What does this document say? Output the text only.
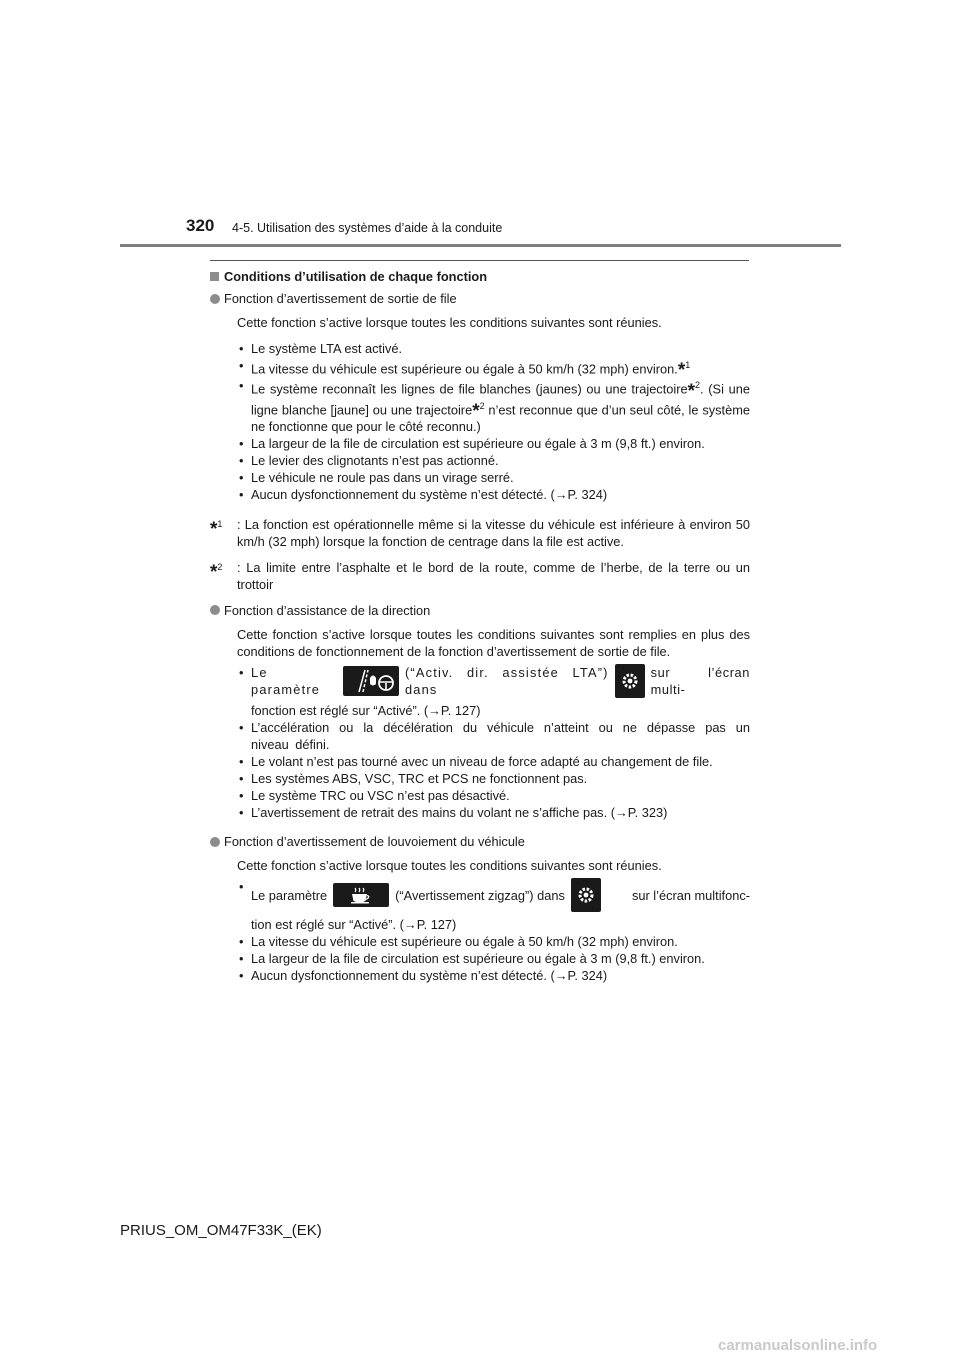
320 4-5. Utilisation des systèmes d’aide à la conduite
Conditions d’utilisation de chaque fonction
Fonction d’avertissement de sortie de file
Cette fonction s’active lorsque toutes les conditions suivantes sont réunies.
• Le système LTA est activé.
• La vitesse du véhicule est supérieure ou égale à 50 km/h (32 mph) environ.*$^1$
• Le système reconnaît les lignes de file blanches (jaunes) ou une trajectoire*$^2$. (Si une ligne blanche [jaune] ou une trajectoire*$^2$ n’est reconnue que d’un seul côté, le système ne fonctionne que pour le côté reconnu.)
• La largeur de la file de circulation est supérieure ou égale à 3 m (9,8 ft.) environ.
• Le levier des clignotants n’est pas actionné.
• Le véhicule ne roule pas dans un virage serré.
• Aucun dysfonctionnement du système n’est détecté. (→P. 324)
*$^1$	: La fonction est opérationnelle même si la vitesse du véhicule est inférieure à environ 50 km/h (32 mph) lorsque la fonction de centrage dans la file est active.
*$^2$	: La limite entre l’asphalte et le bord de la route, comme de l’herbe, de la terre ou un trottoir
Fonction d’assistance de la direction
Cette fonction s’active lorsque toutes les conditions suivantes sont remplies en plus des conditions de fonctionnement de la fonction d’avertissement de sortie de file.
• Le paramètre
(“Activ. dir. assistée LTA”) dans
sur l’écran multi-
fonction est réglé sur “Activé”. (→P. 127)
• L’accélération ou la décélération du véhicule n’atteint ou ne dépasse pas un niveau défini.
• Le volant n’est pas tourné avec un niveau de force adapté au changement de file.
• Les systèmes ABS, VSC, TRC et PCS ne fonctionnent pas.
• Le système TRC ou VSC n’est pas désactivé.
• L’avertissement de retrait des mains du volant ne s’affiche pas. (→P. 323)
Fonction d’avertissement de louvoiement du véhicule
Cette fonction s’active lorsque toutes les conditions suivantes sont réunies.
• Le paramètre	(“Avertissement zigzag”) dans	sur l’écran multifonc-
tion est réglé sur “Activé”. (→P. 127)
• La vitesse du véhicule est supérieure ou égale à 50 km/h (32 mph) environ.
• La largeur de la file de circulation est supérieure ou égale à 3 m (9,8 ft.) environ.
• Aucun dysfonctionnement du système n’est détecté. (→P. 324)
PRIUS_OM_OM47F33K_(EK)
carmanualsonline.info
